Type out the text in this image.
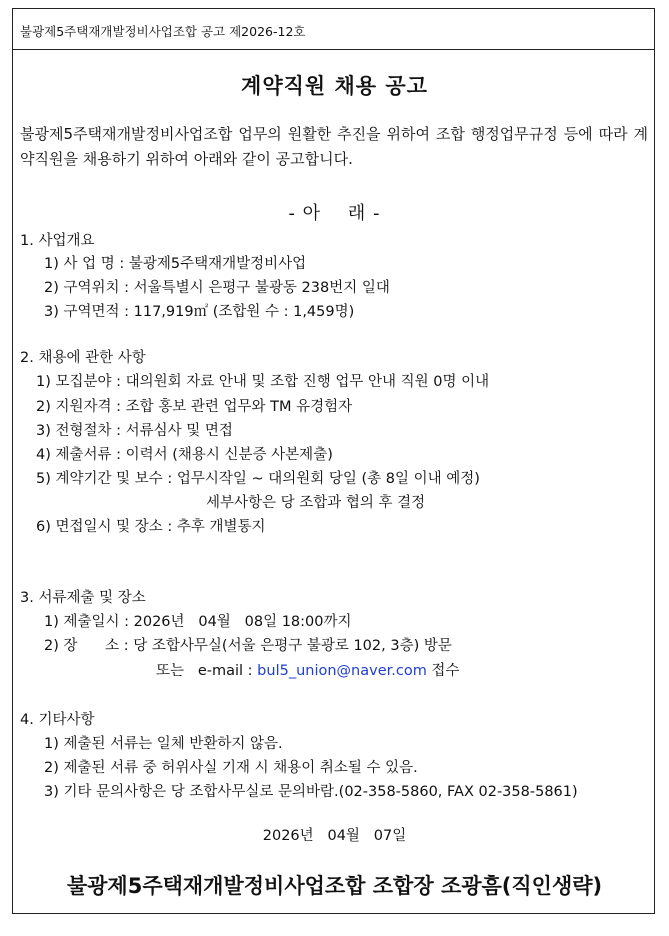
불광제5주택재개발정비사업조합 공고 제2026-12호
계약직원 채용 공고
불광제5주택재개발정비사업조합 업무의 원활한 추진을 위하여 조합 행정업무규정 등에 따라 계약직원을 채용하기 위하여 아래와 같이 공고합니다.
- 아    래 -
1. 사업개요
1) 사 업 명 : 불광제5주택재개발정비사업
2) 구역위치 : 서울특별시 은평구 불광동 238번지 일대
3) 구역면적 : 117,919㎡ (조합원 수 : 1,459명)
2. 채용에 관한 사항
1) 모집분야 : 대의원회 자료 안내 및 조합 진행 업무 안내 직원 0명 이내
2) 지원자격 : 조합 홍보 관련 업무와 TM 유경험자
3) 전형절차 : 서류심사 및 면접
4) 제출서류 : 이력서 (채용시 신분증 사본제출)
5) 계약기간 및 보수 : 업무시작일 ~ 대의원회 당일 (총 8일 이내 예정)
세부사항은 당 조합과 협의 후 결정
6) 면접일시 및 장소 : 추후 개별통지
3. 서류제출 및 장소
1) 제출일시 : 2026년   04월   08일 18:00까지
2) 장      소 : 당 조합사무실(서울 은평구 불광로 102, 3층) 방문
또는   e-mail : bul5_union@naver.com 접수
4. 기타사항
1) 제출된 서류는 일체 반환하지 않음.
2) 제출된 서류 중 허위사실 기재 시 채용이 취소될 수 있음.
3) 기타 문의사항은 당 조합사무실로 문의바람.(02-358-5860, FAX 02-358-5861)
2026년   04월   07일
불광제5주택재개발정비사업조합 조합장 조광흠(직인생략)
